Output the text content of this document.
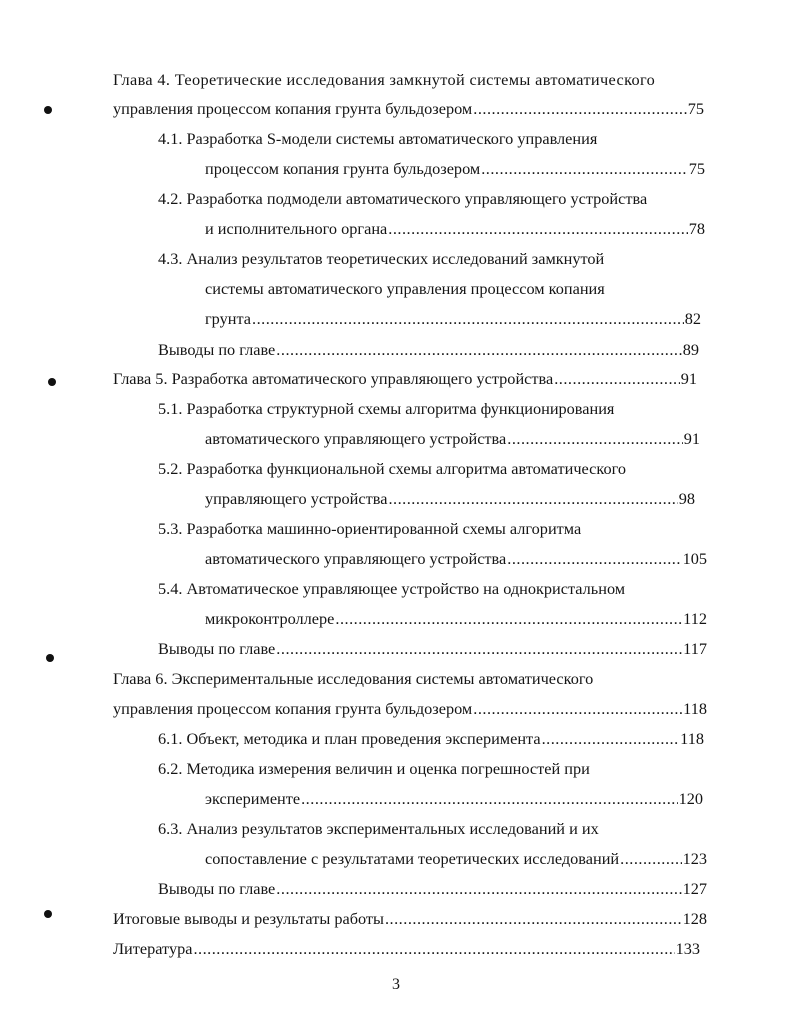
Глава 4. Теоретические исследования замкнутой системы автоматического
управления процессом копания грунта бульдозером .....	75
4.1. Разработка S-модели системы автоматического управления
процессом копания грунта бульдозером .....	75
4.2. Разработка подмодели автоматического управляющего устройства
и исполнительного органа .....	78
4.3. Анализ результатов теоретических исследований замкнутой
системы автоматического управления процессом копания
грунта .....	82
Выводы по главе .....	89
Глава 5. Разработка автоматического управляющего устройства .....	91
5.1. Разработка структурной схемы алгоритма функционирования
автоматического управляющего устройства .....	91
5.2. Разработка функциональной схемы алгоритма автоматического
управляющего устройства .....	98
5.3. Разработка машинно-ориентированной схемы алгоритма
автоматического управляющего устройства .....	105
5.4. Автоматическое управляющее устройство на однокристальном
микроконтроллере .....	112
Выводы по главе .....	117
Глава 6. Экспериментальные исследования системы автоматического
управления процессом копания грунта бульдозером .....	118
6.1. Объект, методика и план проведения эксперимента .....	118
6.2. Методика измерения величин и оценка погрешностей при
эксперименте .....	120
6.3. Анализ результатов экспериментальных исследований и их
сопоставление с результатами теоретических исследований .....	123
Выводы по главе .....	127
Итоговые выводы и результаты работы .....	128
Литература .....	133
3
